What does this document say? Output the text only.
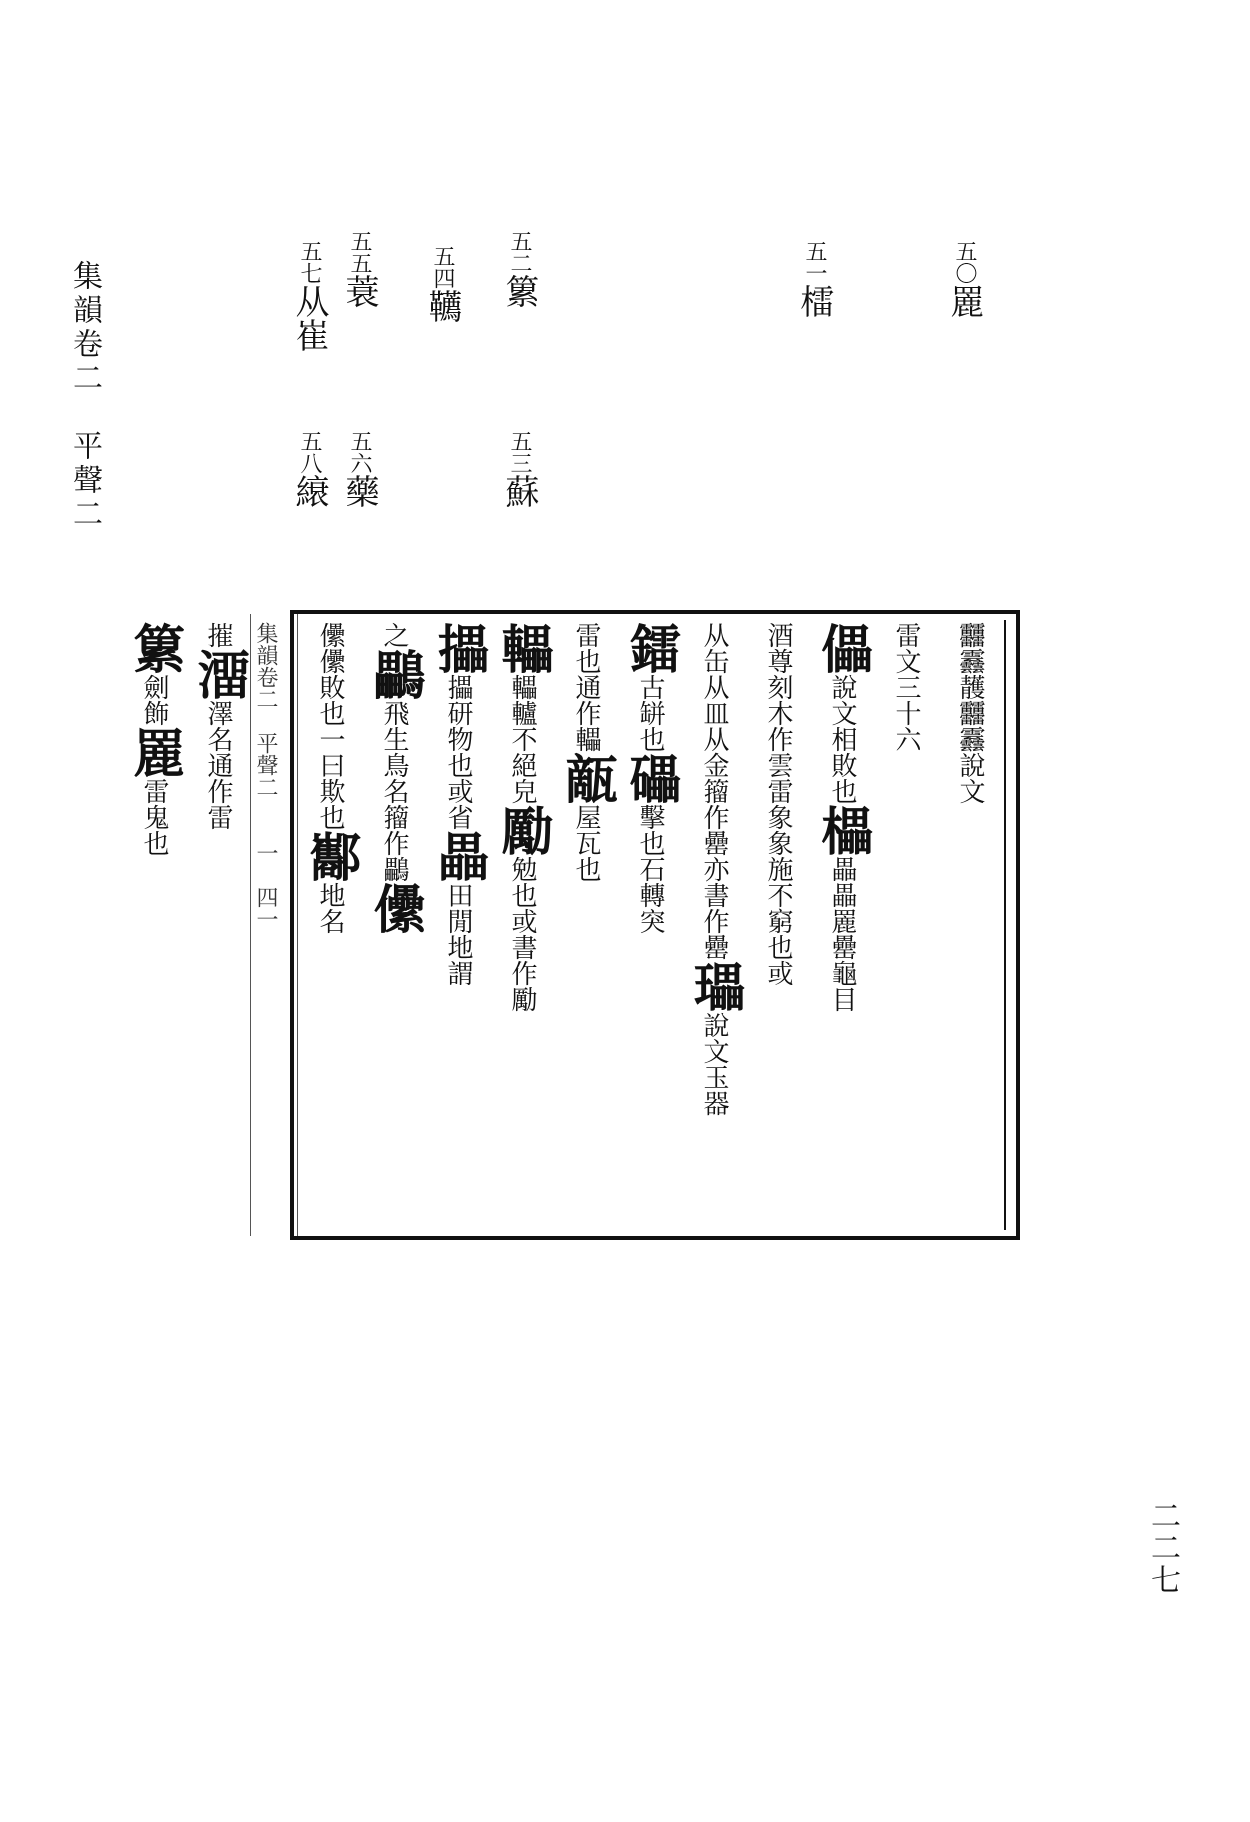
集韻卷二　平聲二
二二七
五〇䍡
五一檑
五二䉂
五三蘇
五四韉
五五蓑
五六藥
五七从崔
五八縗
䨻䨺䨼䨻䨺說文
雷文三十六
儡說文相敗也櫑畾畾䍡罍龜目
酒尊刻木作雲雷象象施不窮也或
从缶从皿从金籀作罍亦書作罍瓃說文玉器
鐳古缾也礧擊也石轉突
雷也通作轠甋屋瓦也
轠轠轤不絕皃勵勉也或書作勵
攂攂研物也或省畾田閒地謂
之鸓飛生鳥名籀作鸓儽
儽儽敗也一曰欺也酅地名
集韻卷二　平聲二　　一　四一
摧澑澤名通作雷
䉂劍飾䍡雷鬼也
